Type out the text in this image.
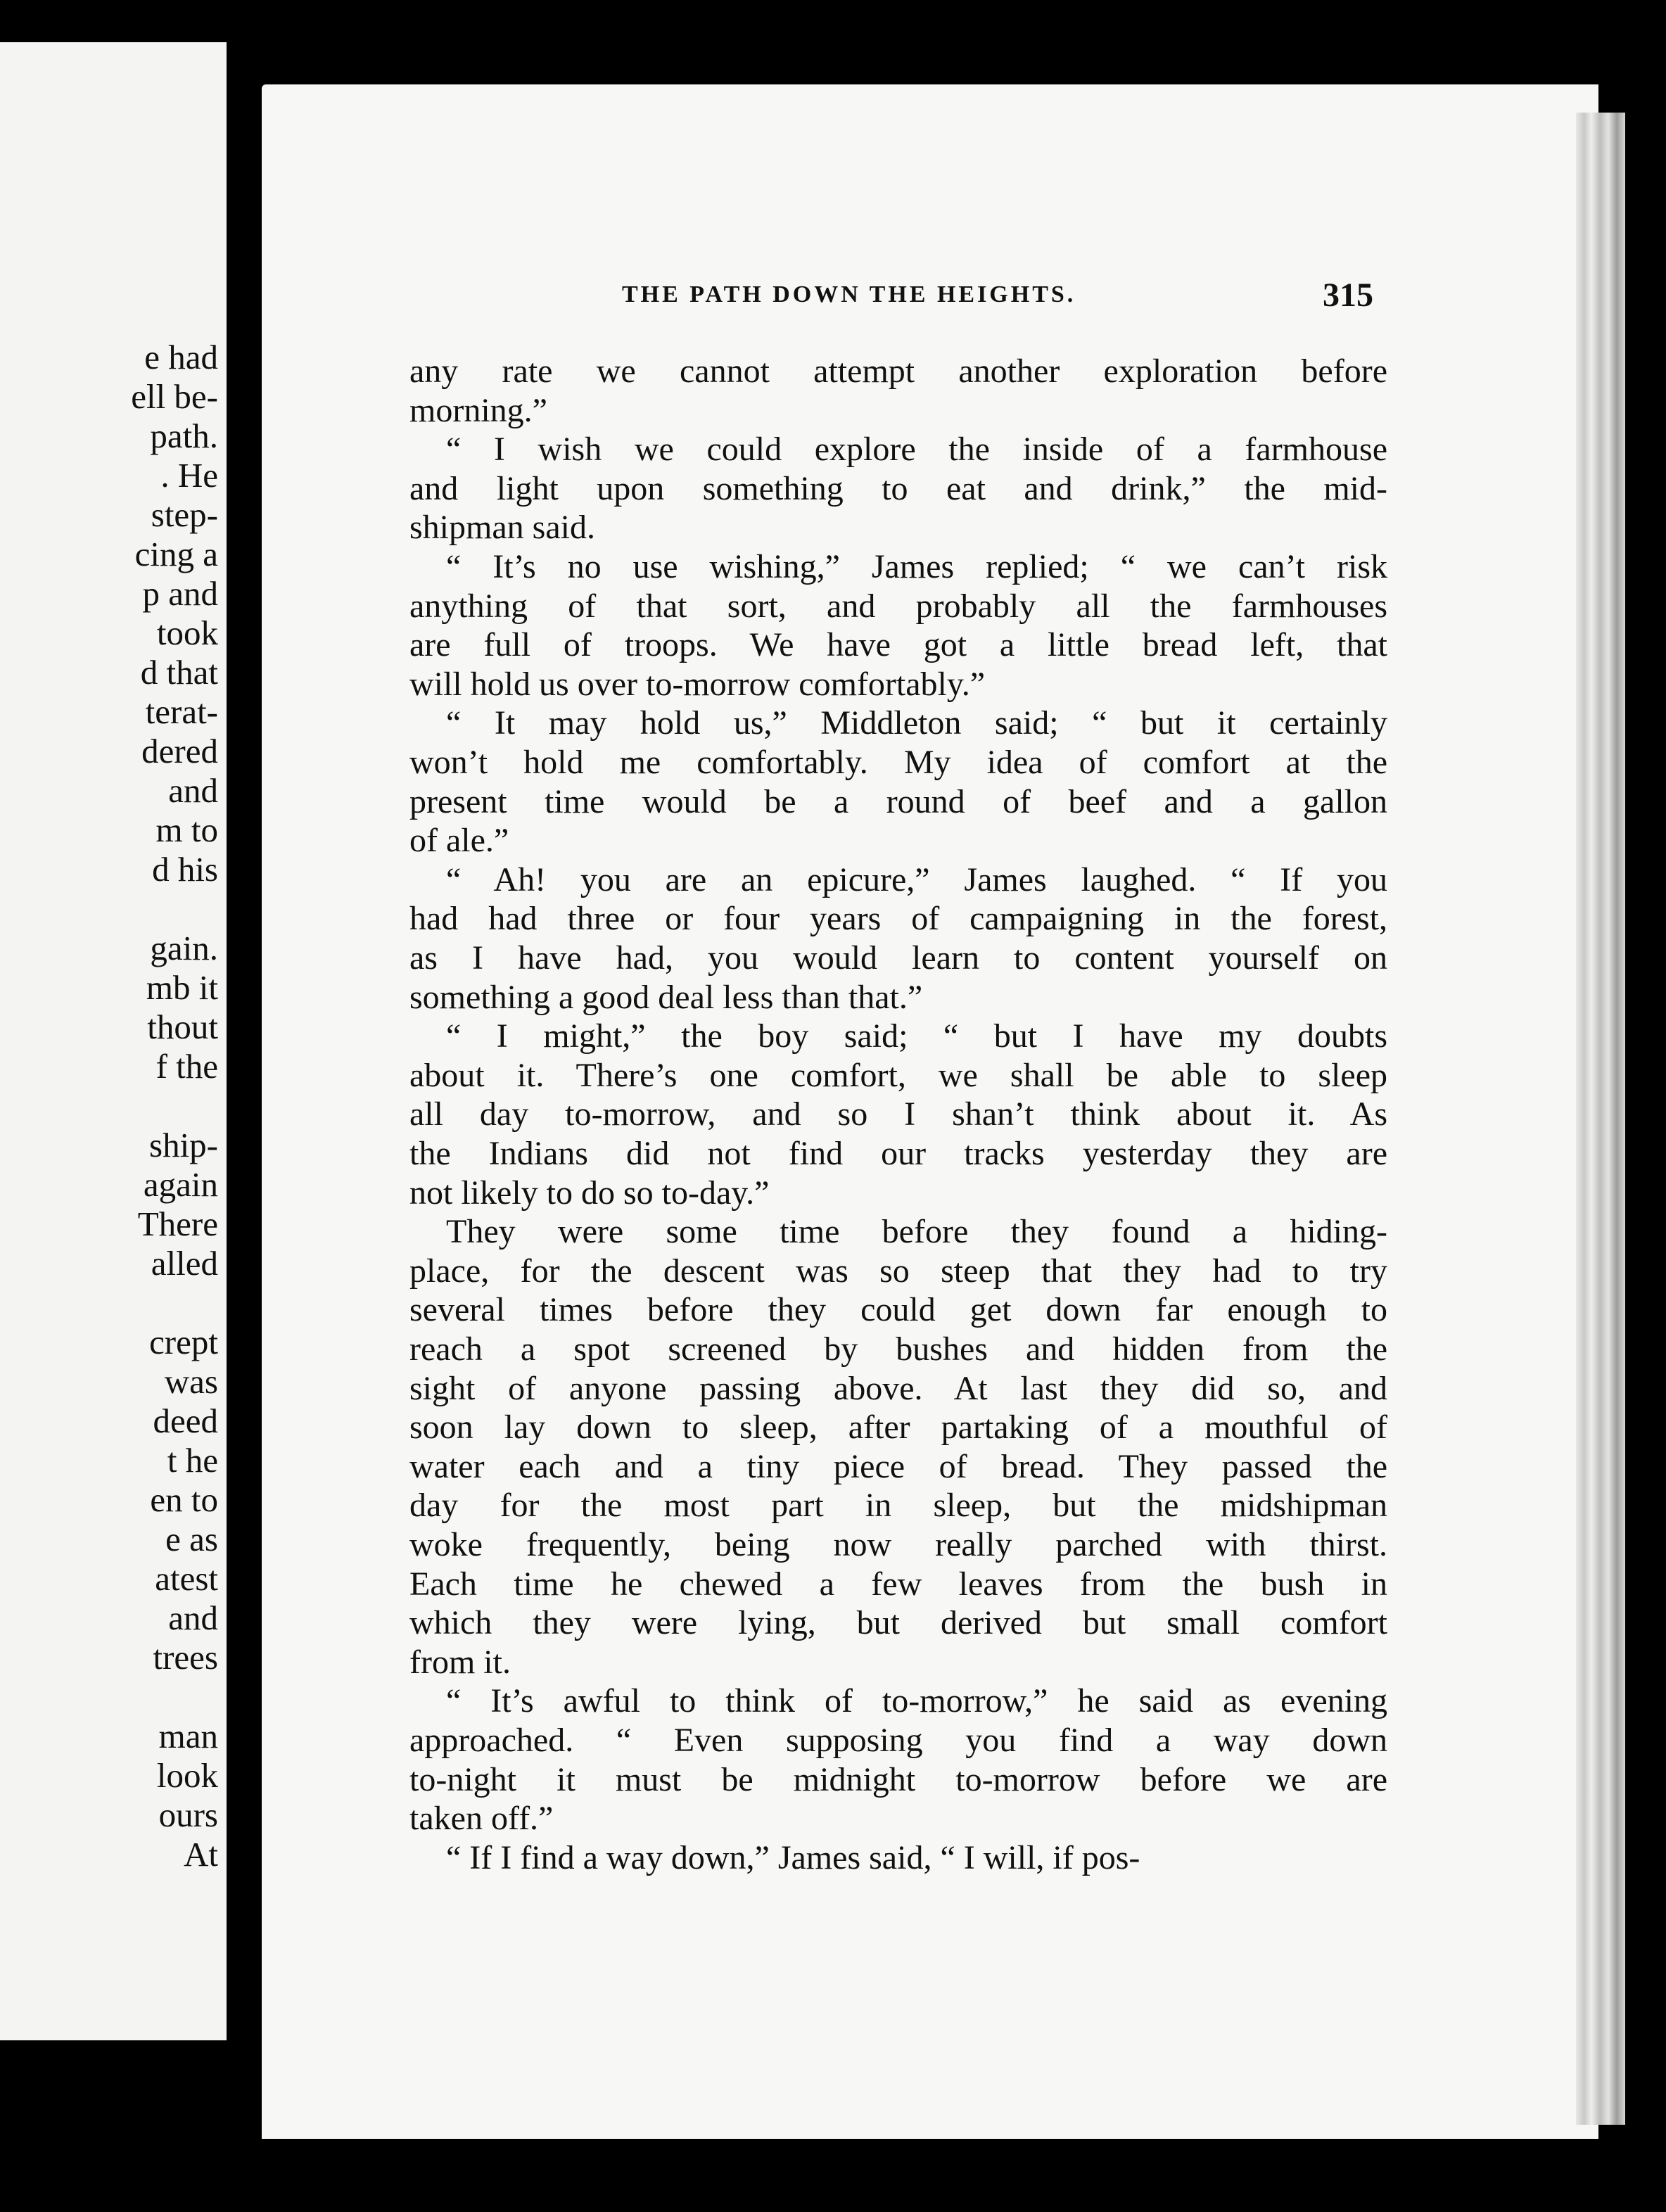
e had
ell be-
path.
. He
step-
cing a
p and
took
d that
terat-
dered
and
m to
d his
gain.
mb it
thout
f the
ship-
again
There
alled
crept
was
deed
t he
en to
e as
atest
and
trees
man
look
ours
At
THE PATH DOWN THE HEIGHTS.	315
any rate we cannot attempt another exploration before
morning.”
“ I wish we could explore the inside of a farmhouse
and light upon something to eat and drink,” the mid-
shipman said.
“ It’s no use wishing,” James replied; “ we can’t risk
anything of that sort, and probably all the farmhouses
are full of troops. We have got a little bread left, that
will hold us over to-morrow comfortably.”
“ It may hold us,” Middleton said; “ but it certainly
won’t hold me comfortably. My idea of comfort at the
present time would be a round of beef and a gallon
of ale.”
“ Ah! you are an epicure,” James laughed. “ If you
had had three or four years of campaigning in the forest,
as I have had, you would learn to content yourself on
something a good deal less than that.”
“ I might,” the boy said; “ but I have my doubts
about it. There’s one comfort, we shall be able to sleep
all day to-morrow, and so I shan’t think about it. As
the Indians did not find our tracks yesterday they are
not likely to do so to-day.”
They were some time before they found a hiding-
place, for the descent was so steep that they had to try
several times before they could get down far enough to
reach a spot screened by bushes and hidden from the
sight of anyone passing above. At last they did so, and
soon lay down to sleep, after partaking of a mouthful of
water each and a tiny piece of bread. They passed the
day for the most part in sleep, but the midshipman
woke frequently, being now really parched with thirst.
Each time he chewed a few leaves from the bush in
which they were lying, but derived but small comfort
from it.
“ It’s awful to think of to-morrow,” he said as evening
approached. “ Even supposing you find a way down
to-night it must be midnight to-morrow before we are
taken off.”
“ If I find a way down,” James said, “ I will, if pos-
